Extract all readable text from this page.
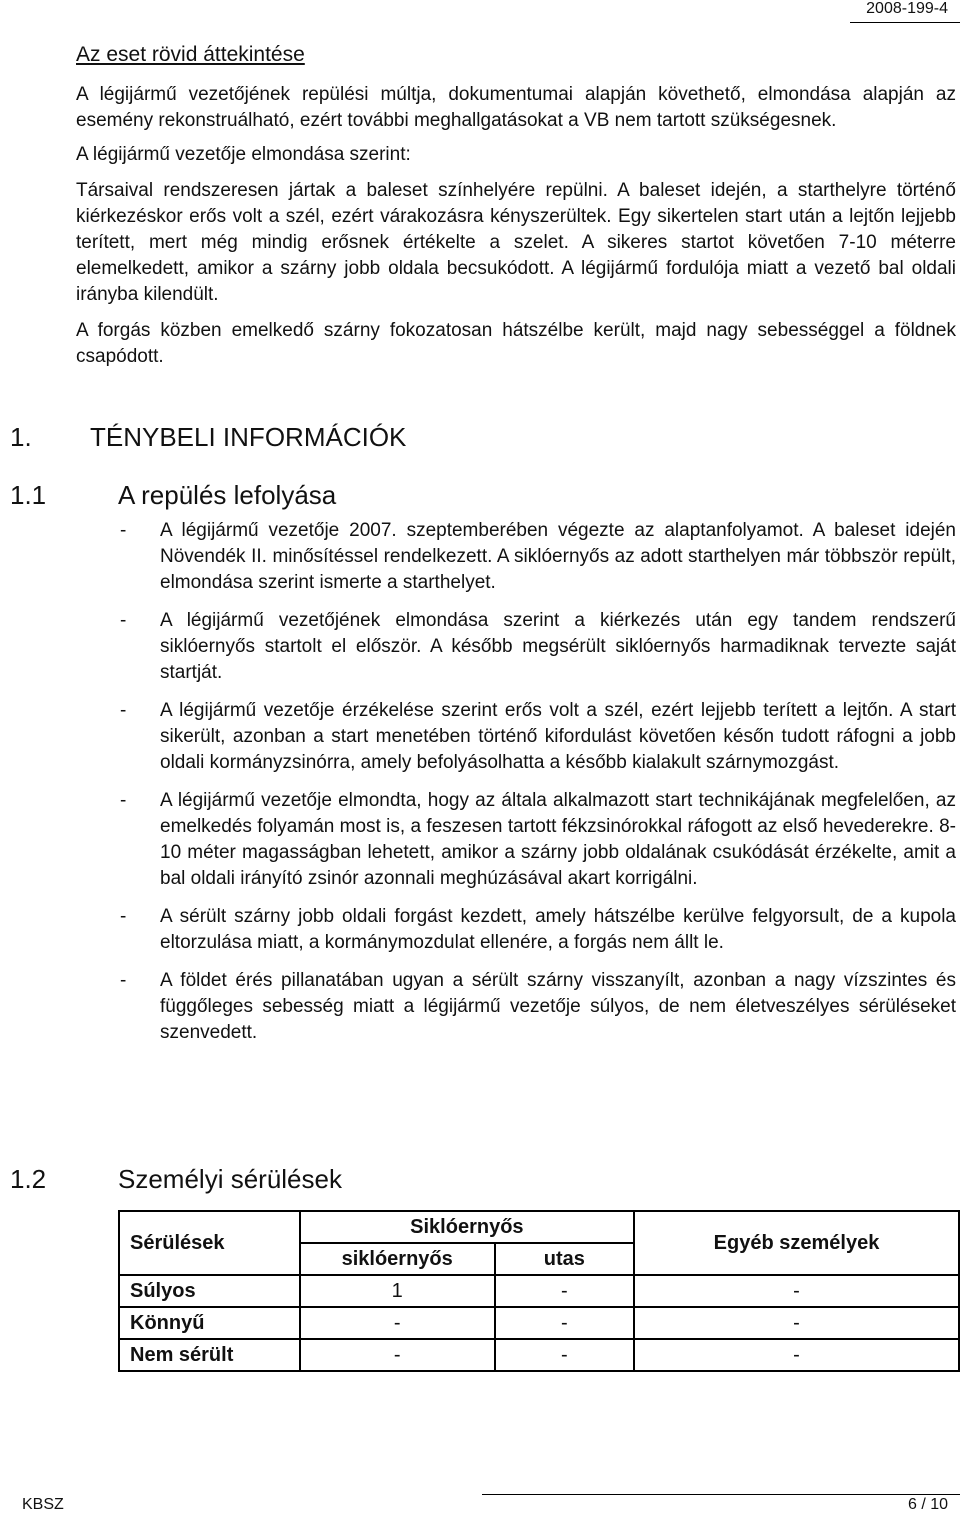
2008-199-4
Az eset rövid áttekintése

A légijármű vezetőjének repülési múltja, dokumentumai alapján követhető, elmondása alapján az esemény rekonstruálható, ezért további meghallgatásokat a VB nem tartott szükségesnek.

A légijármű vezetője elmondása szerint:

Társaival rendszeresen jártak a baleset színhelyére repülni. A baleset idején, a starthelyre történő kiérkezéskor erős volt a szél, ezért várakozásra kényszerültek. Egy sikertelen start után a lejtőn lejjebb terített, mert még mindig erősnek értékelte a szelet. A sikeres startot követően 7-10 méterre elemelkedett, amikor a szárny jobb oldala becsukódott. A légijármű fordulója miatt a vezető bal oldali irányba kilendült.

A forgás közben emelkedő szárny fokozatosan hátszélbe került, majd nagy sebességgel a földnek csapódott.

1. TÉNYBELI INFORMÁCIÓK
1.1	A repülés lefolyása
- A légijármű vezetője 2007. szeptemberében végezte az alaptanfolyamot. A baleset idején Növendék II. minősítéssel rendelkezett. A siklóernyős az adott starthelyen már többször repült, elmondása szerint ismerte a starthelyet.
- A légijármű vezetőjének elmondása szerint a kiérkezés után egy tandem rendszerű siklóernyős startolt el először. A később megsérült siklóernyős harmadiknak tervezte saját startját.
- A légijármű vezetője érzékelése szerint erős volt a szél, ezért lejjebb terített a lejtőn. A start sikerült, azonban a start menetében történő kifordulást követően későn tudott ráfogni a jobb oldali kormányzsinórra, amely befolyásolhatta a később kialakult szárnymozgást.
- A légijármű vezetője elmondta, hogy az általa alkalmazott start technikájának megfelelően, az emelkedés folyamán most is, a feszesen tartott fékzsinórokkal ráfogott az első hevederekre. 8-10 méter magasságban lehetett, amikor a szárny jobb oldalának csukódását érzékelte, amit a bal oldali irányító zsinór azonnali meghúzásával akart korrigálni.
- A sérült szárny jobb oldali forgást kezdett, amely hátszélbe kerülve felgyorsult, de a kupola eltorzulása miatt, a kormánymozdulat ellenére, a forgás nem állt le.
- A földet érés pillanatában ugyan a sérült szárny visszanyílt, azonban a nagy vízszintes és függőleges sebesség miatt a légijármű vezetője súlyos, de nem életveszélyes sérüléseket szenvedett.
1.2	Személyi sérülések
Sérülések	Siklóernyős		Egyéb személyek
	siklóernyős	utas	
Súlyos	1	-	-
Könnyű	-	-	-
Nem sérült	-	-	-
KBSZ	6 / 10
